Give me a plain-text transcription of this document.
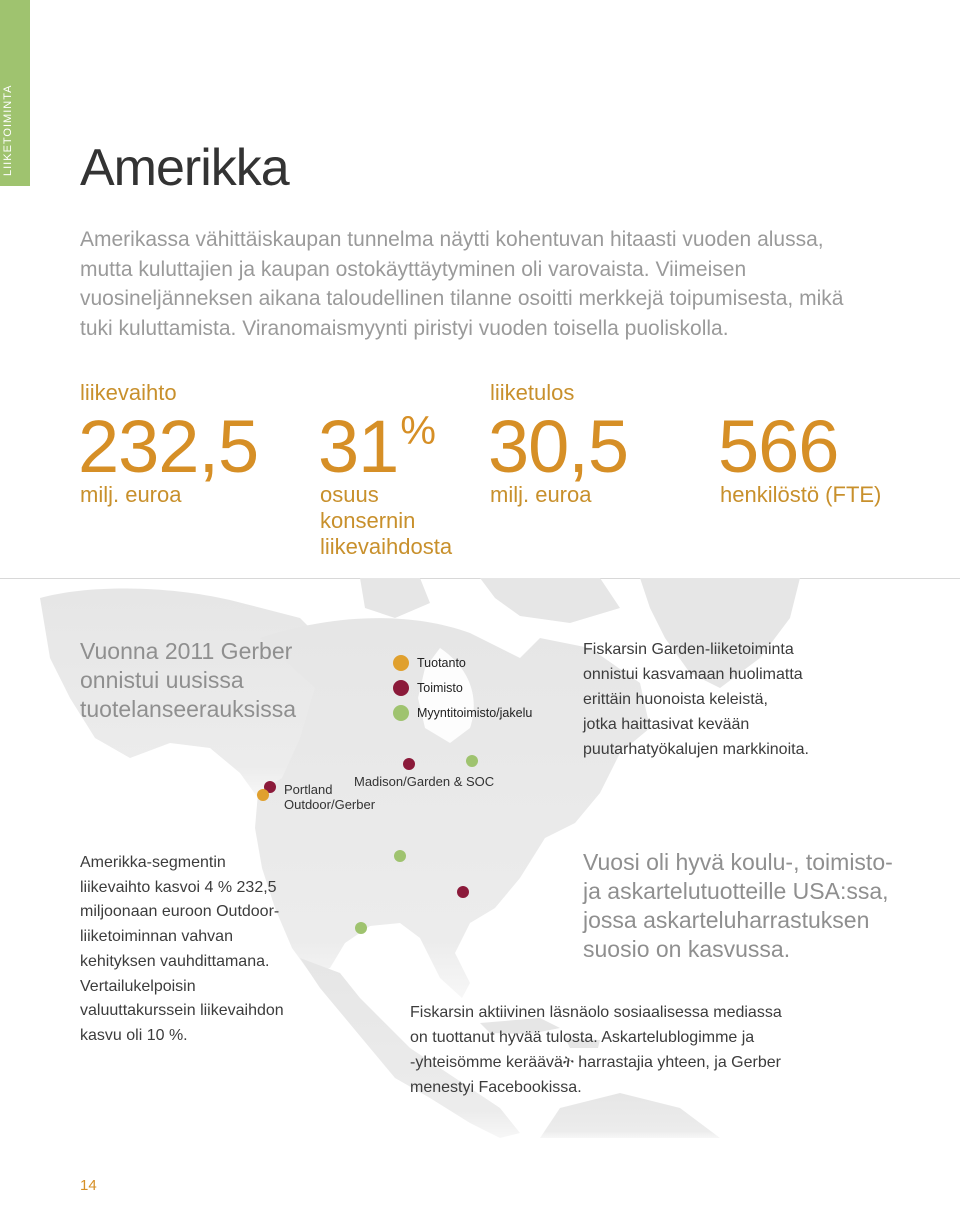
LIIKETOIMINTA Amerikka
Amerikassa vähittäiskaupan tunnelma näytti kohentuvan hitaasti vuoden alussa, mutta kuluttajien ja kaupan ostokäyttäytyminen oli varovaista. Viimeisen vuosineljänneksen aikana taloudellinen tilanne osoitti merkkejä toipumisesta, mikä tuki kuluttamista. Viranomaismyynti piristyi vuoden toisella puoliskolla.
liikevaihto
232,5
milj. euroa
31%
osuus
konsernin
liikevaihdosta
liiketulos
30,5
milj. euroa
566
henkilöstö (FTE)
Vuonna 2011 Gerber
onnistui uusissa
tuotelanseerauksissa
Tuotanto
Toimisto
Myyntitoimisto/jakelu
Fiskarsin Garden-liiketoiminta
onnistui kasvamaan huolimatta
erittäin huonoista keleistä,
jotka haittasivat kevään
puutarhatyökalujen markkinoita.
Madison/Garden & SOC
Portland
Outdoor/Gerber
Amerikka-segmentin
liikevaihto kasvoi 4 % 232,5
miljoonaan euroon Outdoor-
liiketoiminnan vahvan
kehityksen vauhdittamana.
Vertailukelpoisin
valuuttakurssein liikevaihdon
kasvu oli 10 %.
Vuosi oli hyvä koulu-, toimisto-
ja askartelutuotteille USA:ssa,
jossa askarteluharrastuksen
suosio on kasvussa.
Fiskarsin aktiivinen läsnäolo sosiaalisessa mediassa
on tuottanut hyvää tulosta. Askartelublogimme ja
-yhteisömme kerääväት harrastajia yhteen, ja Gerber
menestyi Facebookissa.
14
